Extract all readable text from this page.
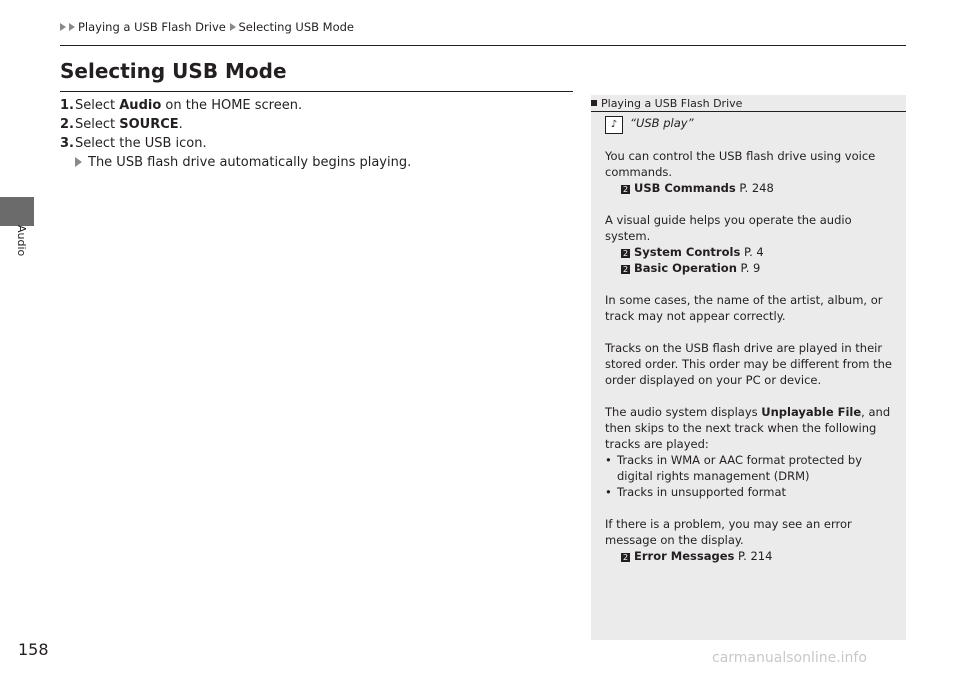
Audio
Playing a USB Flash Drive Selecting USB Mode
Selecting USB Mode
1.Select Audio on the HOME screen.
2.Select SOURCE.
3.Select the USB icon.
The USB flash drive automatically begins playing.
Playing a USB Flash Drive
♪	“USB play”

You can control the USB flash drive using voice commands.

2 USB Commands P. 248

A visual guide helps you operate the audio system.

2 System Controls P. 4
2 Basic Operation P. 9

In some cases, the name of the artist, album, or track may not appear correctly.

Tracks on the USB flash drive are played in their stored order. This order may be different from the order displayed on your PC or device.

The audio system displays Unplayable File, and then skips to the next track when the following tracks are played:

• Tracks in WMA or AAC format protected by digital rights management (DRM)
• Tracks in unsupported format

If there is a problem, you may see an error message on the display.

2 Error Messages P. 214
158	carmanualsonline.info
